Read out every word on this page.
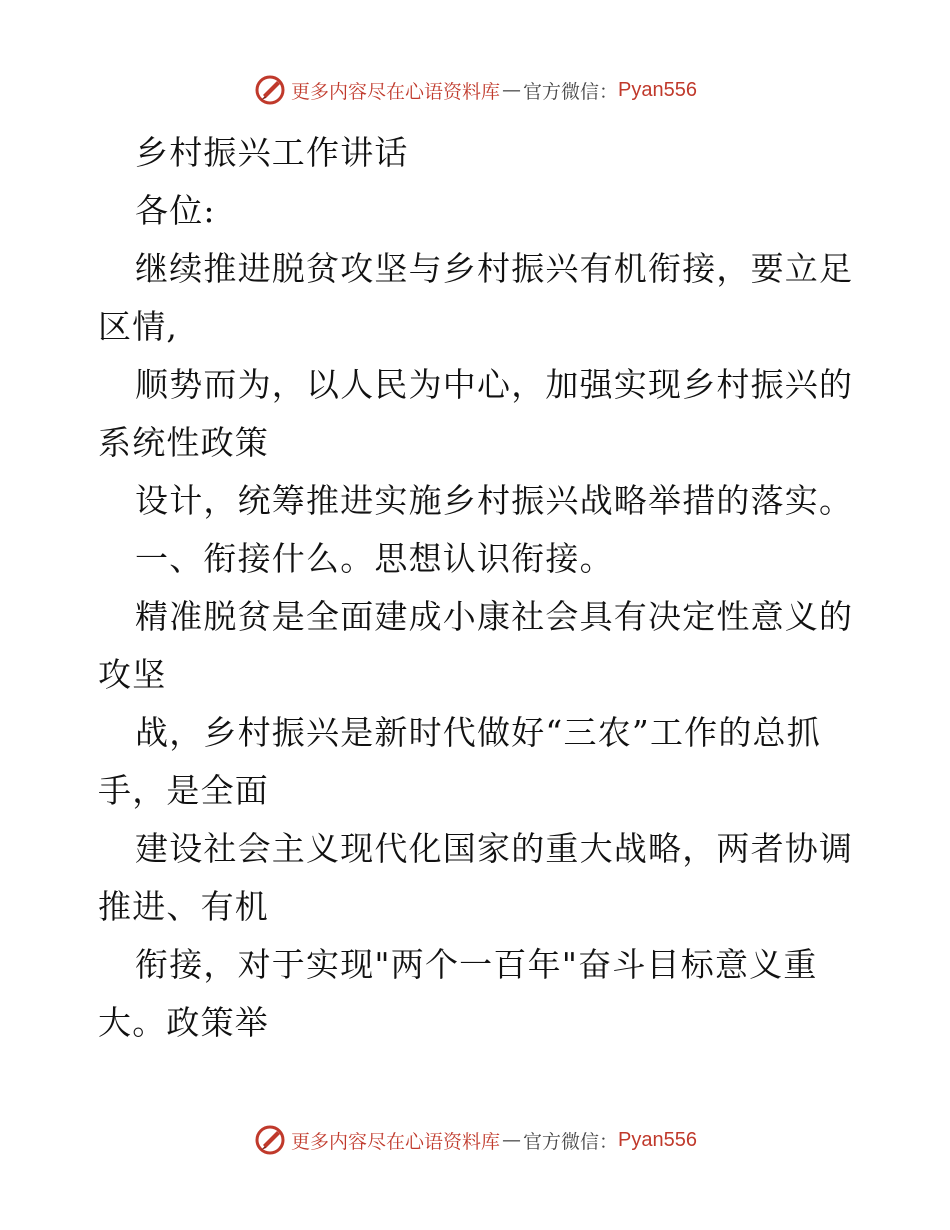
更多内容尽在心语资料库 — 官方微信： Pyan556
乡村振兴工作讲话
各位:
继续推进脱贫攻坚与乡村振兴有机衔接，要立足
区情,
顺势而为，以人民为中心，加强实现乡村振兴的
系统性政策
设计，统筹推进实施乡村振兴战略举措的落实。
一、衔接什么。思想认识衔接。
精准脱贫是全面建成小康社会具有决定性意义的
攻坚
战，乡村振兴是新时代做好“三农”工作的总抓
手，是全面
建设社会主义现代化国家的重大战略，两者协调
推进、有机
衔接，对于实现"两个一百年"奋斗目标意义重
大。政策举
更多内容尽在心语资料库 — 官方微信： Pyan556
